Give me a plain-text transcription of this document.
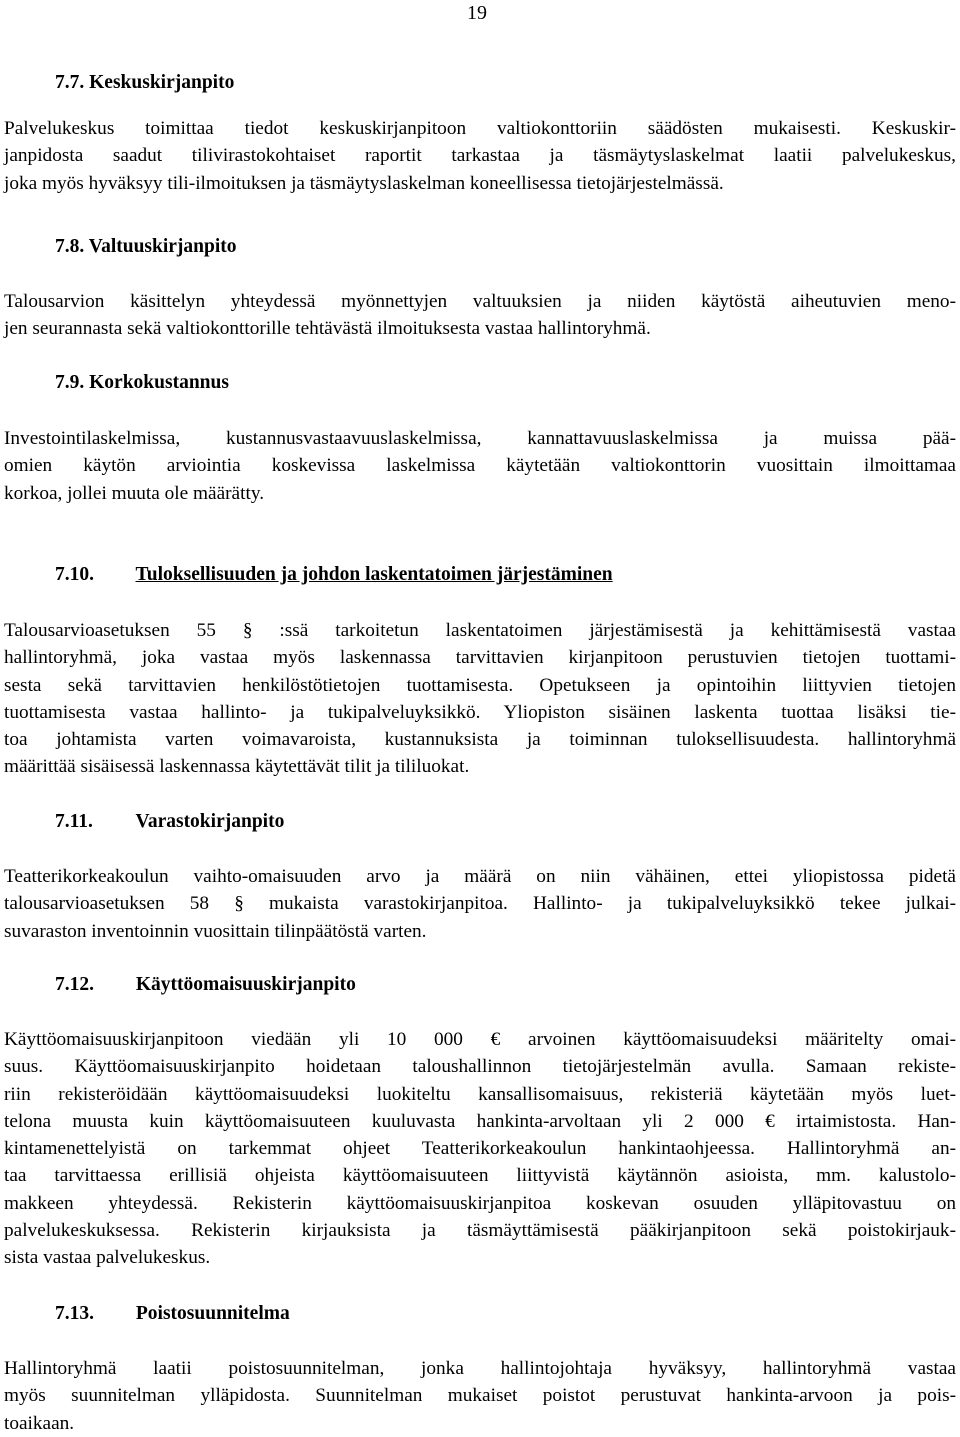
19
7.7. Keskuskirjanpito
Palvelukeskus toimittaa tiedot keskuskirjanpitoon valtiokonttoriin säädösten mukaisesti. Keskuskir-
janpidosta saadut tilivirastokohtaiset raportit tarkastaa ja täsmäytyslaskelmat laatii palvelukeskus,
joka myös hyväksyy tili-ilmoituksen ja täsmäytyslaskelman koneellisessa tietojärjestelmässä.
7.8. Valtuuskirjanpito
Talousarvion käsittelyn yhteydessä myönnettyjen valtuuksien ja niiden käytöstä aiheutuvien meno-
jen seurannasta sekä valtiokonttorille tehtävästä ilmoituksesta vastaa hallintoryhmä.
7.9. Korkokustannus
Investointilaskelmissa, kustannusvastaavuuslaskelmissa, kannattavuuslaskelmissa ja muissa pää-
omien käytön arviointia koskevissa laskelmissa käytetään valtiokonttorin vuosittain ilmoittamaa
korkoa, jollei muuta ole määrätty.
7.10. Tuloksellisuuden ja johdon laskentatoimen järjestäminen
Talousarvioasetuksen 55 § :ssä tarkoitetun laskentatoimen järjestämisestä ja kehittämisestä vastaa
hallintoryhmä, joka vastaa myös laskennassa tarvittavien kirjanpitoon perustuvien tietojen tuottami-
sesta sekä tarvittavien henkilöstötietojen tuottamisesta. Opetukseen ja opintoihin liittyvien tietojen
tuottamisesta vastaa hallinto- ja tukipalveluyksikkö. Yliopiston sisäinen laskenta tuottaa lisäksi tie-
toa johtamista varten voimavaroista, kustannuksista ja toiminnan tuloksellisuudesta. hallintoryhmä
määrittää sisäisessä laskennassa käytettävät tilit ja tililuokat.
7.11. Varastokirjanpito
Teatterikorkeakoulun vaihto-omaisuuden arvo ja määrä on niin vähäinen, ettei yliopistossa pidetä
talousarvioasetuksen 58 § mukaista varastokirjanpitoa. Hallinto- ja tukipalveluyksikkö tekee julkai-
suvaraston inventoinnin vuosittain tilinpäätöstä varten.
7.12. Käyttöomaisuuskirjanpito
Käyttöomaisuuskirjanpitoon viedään yli 10 000 € arvoinen käyttöomaisuudeksi määritelty omai-
suus. Käyttöomaisuuskirjanpito hoidetaan taloushallinnon tietojärjestelmän avulla. Samaan rekiste-
riin rekisteröidään käyttöomaisuudeksi luokiteltu kansallisomaisuus, rekisteriä käytetään myös luet-
telona muusta kuin käyttöomaisuuteen kuuluvasta hankinta-arvoltaan yli 2 000 € irtaimistosta. Han-
kintamenettelyistä on tarkemmat ohjeet Teatterikorkeakoulun hankintaohjeessa. Hallintoryhmä an-
taa tarvittaessa erillisiä ohjeista käyttöomaisuuteen liittyvistä käytännön asioista, mm. kalustolo-
makkeen yhteydessä. Rekisterin käyttöomaisuuskirjanpitoa koskevan osuuden ylläpitovastuu on
palvelukeskuksessa. Rekisterin kirjauksista ja täsmäyttämisestä pääkirjanpitoon sekä poistokirjauk-
sista vastaa palvelukeskus.
7.13. Poistosuunnitelma
Hallintoryhmä laatii poistosuunnitelman, jonka hallintojohtaja hyväksyy, hallintoryhmä vastaa
myös suunnitelman ylläpidosta. Suunnitelman mukaiset poistot perustuvat hankinta-arvoon ja pois-
toaikaan.
